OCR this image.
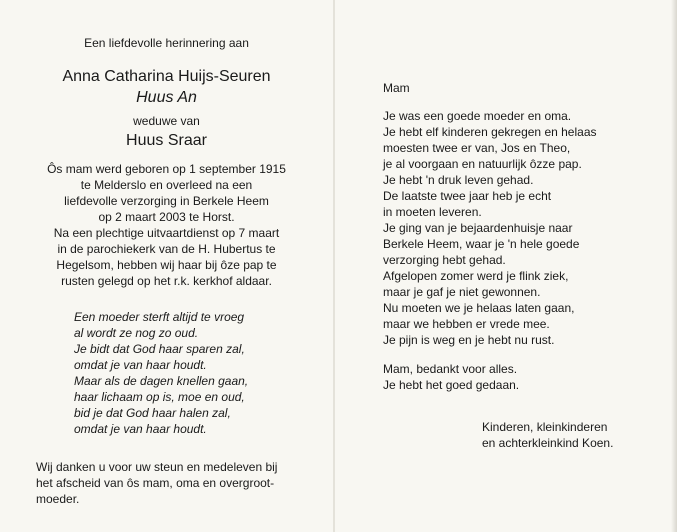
Een liefdevolle herinnering aan
Anna Catharina Huijs-Seuren
Huus An
weduwe van
Huus Sraar
Ôs mam werd geboren op 1 september 1915
te Melderslo en overleed na een
liefdevolle verzorging in Berkele Heem
op 2 maart 2003 te Horst.
Na een plechtige uitvaartdienst op 7 maart
in de parochiekerk van de H. Hubertus te
Hegelsom, hebben wij haar bij ôze pap te
rusten gelegd op het r.k. kerkhof aldaar.
Een moeder sterft altijd te vroeg
al wordt ze nog zo oud.
Je bidt dat God haar sparen zal,
omdat je van haar houdt.
Maar als de dagen knellen gaan,
haar lichaam op is, moe en oud,
bid je dat God haar halen zal,
omdat je van haar houdt.
Wij danken u voor uw steun en medeleven bij
het afscheid van ôs mam, oma en overgroot-
moeder.
Mam
Je was een goede moeder en oma.
Je hebt elf kinderen gekregen en helaas
moesten twee er van, Jos en Theo,
je al voorgaan en natuurlijk ôzze pap.
Je hebt 'n druk leven gehad.
De laatste twee jaar heb je echt
in moeten leveren.
Je ging van je bejaardenhuisje naar
Berkele Heem, waar je 'n hele goede
verzorging hebt gehad.
Afgelopen zomer werd je flink ziek,
maar je gaf je niet gewonnen.
Nu moeten we je helaas laten gaan,
maar we hebben er vrede mee.
Je pijn is weg en je hebt nu rust.
Mam, bedankt voor alles.
Je hebt het goed gedaan.
Kinderen, kleinkinderen
en achterkleinkind Koen.
